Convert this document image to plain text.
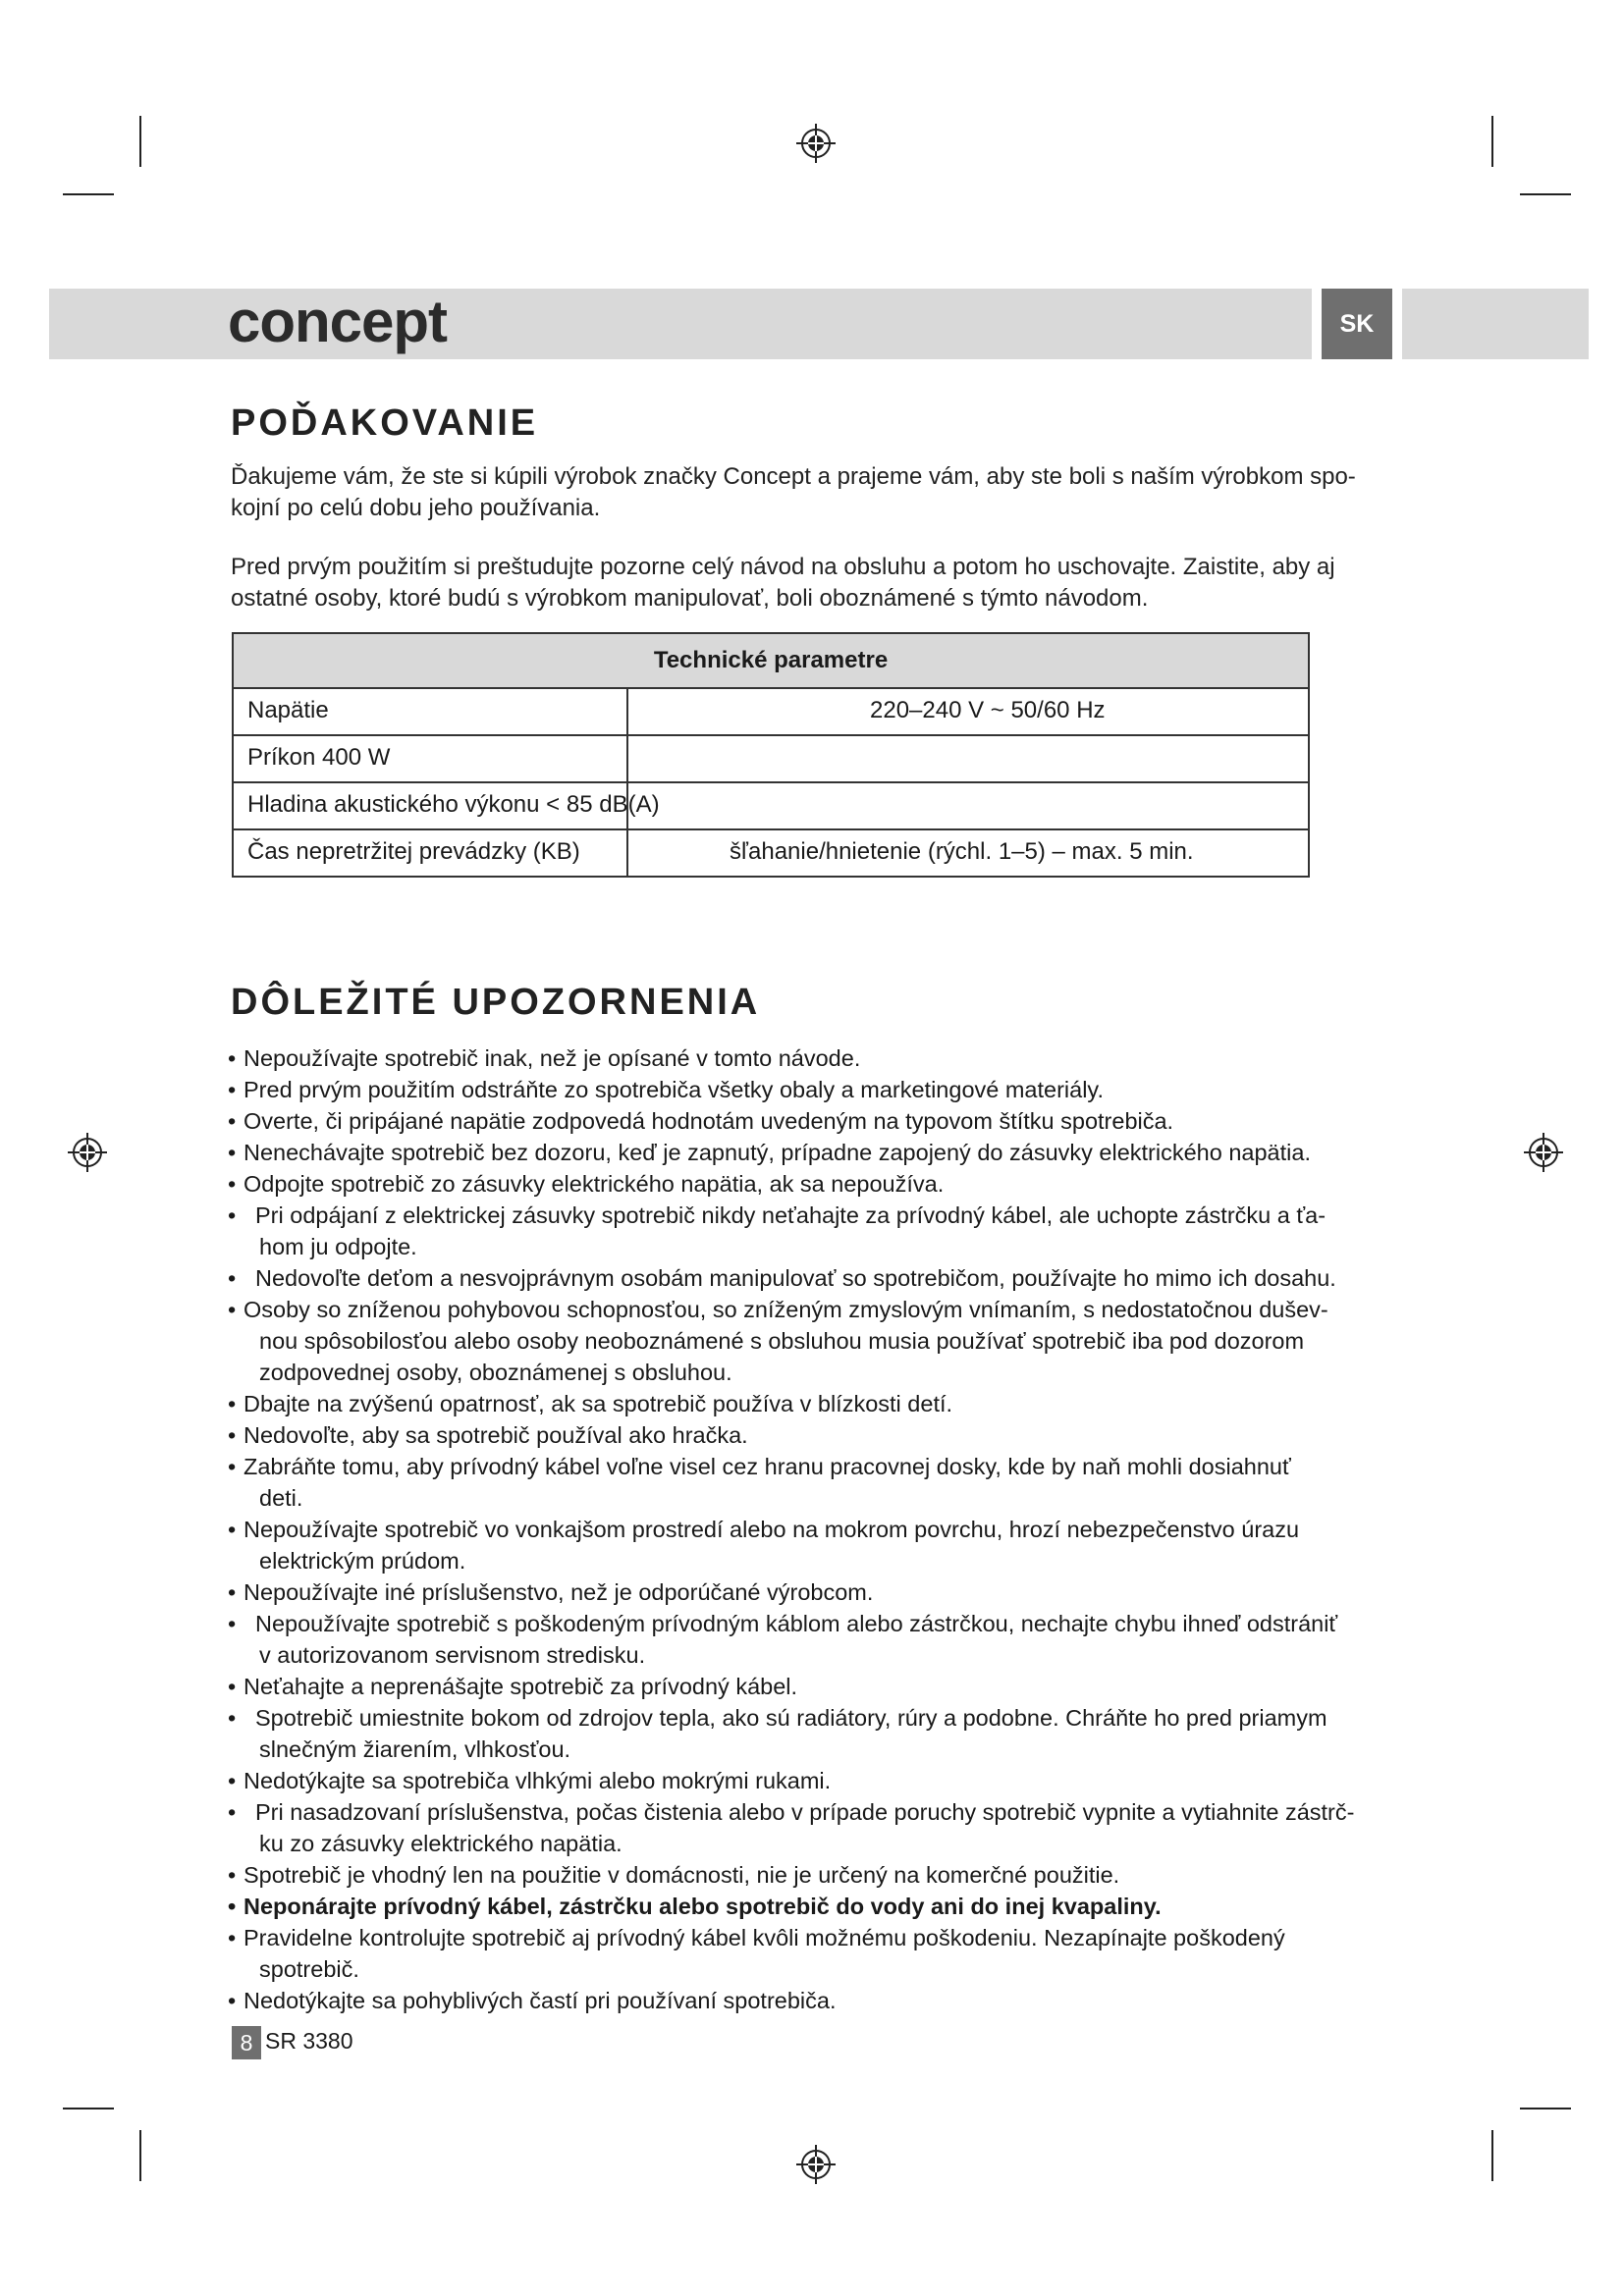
concept	SK
POĎAKOVANIE
Ďakujeme vám, že ste si kúpili výrobok značky Concept a prajeme vám, aby ste boli s naším výrobkom spo-
kojní po celú dobu jeho používania.
Pred prvým použitím si preštudujte pozorne celý návod na obsluhu a potom ho uschovajte. Zaistite, aby aj
ostatné osoby, ktoré budú s výrobkom manipulovať, boli oboznámené s týmto návodom.
Technické parametre
Napätie	220–240 V ~ 50/60 Hz
Príkon 400 W
Hladina akustického výkonu < 85 dB(A)
Čas nepretržitej prevádzky (KB)	šľahanie/hnietenie (rýchl. 1–5) – max. 5 min.
DÔLEŽITÉ UPOZORNENIA
• Nepoužívajte spotrebič inak, než je opísané v tomto návode.
• Pred prvým použitím odstráňte zo spotrebiča všetky obaly a marketingové materiály.
• Overte, či pripájané napätie zodpovedá hodnotám uvedeným na typovom štítku spotrebiča.
• Nenechávajte spotrebič bez dozoru, keď je zapnutý, prípadne zapojený do zásuvky elektrického napätia.
• Odpojte spotrebič zo zásuvky elektrického napätia, ak sa nepoužíva.
• Pri odpájaní z elektrickej zásuvky spotrebič nikdy neťahajte za prívodný kábel, ale uchopte zástrčku a ťa-
hom ju odpojte.
• Nedovoľte deťom a nesvojprávnym osobám manipulovať so spotrebičom, používajte ho mimo ich dosahu.
• Osoby so zníženou pohybovou schopnosťou, so zníženým zmyslovým vnímaním, s nedostatočnou dušev-
nou spôsobilosťou alebo osoby neoboznámené s obsluhou musia používať spotrebič iba pod dozorom
zodpovednej osoby, oboznámenej s obsluhou.
• Dbajte na zvýšenú opatrnosť, ak sa spotrebič používa v blízkosti detí.
• Nedovoľte, aby sa spotrebič používal ako hračka.
• Zabráňte tomu, aby prívodný kábel voľne visel cez hranu pracovnej dosky, kde by naň mohli dosiahnuť
deti.
• Nepoužívajte spotrebič vo vonkajšom prostredí alebo na mokrom povrchu, hrozí nebezpečenstvo úrazu
elektrickým prúdom.
• Nepoužívajte iné príslušenstvo, než je odporúčané výrobcom.
• Nepoužívajte spotrebič s poškodeným prívodným káblom alebo zástrčkou, nechajte chybu ihneď odstrániť
v autorizovanom servisnom stredisku.
• Neťahajte a neprenášajte spotrebič za prívodný kábel.
• Spotrebič umiestnite bokom od zdrojov tepla, ako sú radiátory, rúry a podobne. Chráňte ho pred priamym
slnečným žiarením, vlhkosťou.
• Nedotýkajte sa spotrebiča vlhkými alebo mokrými rukami.
• Pri nasadzovaní príslušenstva, počas čistenia alebo v prípade poruchy spotrebič vypnite a vytiahnite zástrč-
ku zo zásuvky elektrického napätia.
• Spotrebič je vhodný len na použitie v domácnosti, nie je určený na komerčné použitie.
• Neponárajte prívodný kábel, zástrčku alebo spotrebič do vody ani do inej kvapaliny.
• Pravidelne kontrolujte spotrebič aj prívodný kábel kvôli možnému poškodeniu. Nezapínajte poškodený
spotrebič.
• Nedotýkajte sa pohyblivých častí pri používaní spotrebiča.
8 SR 3380
